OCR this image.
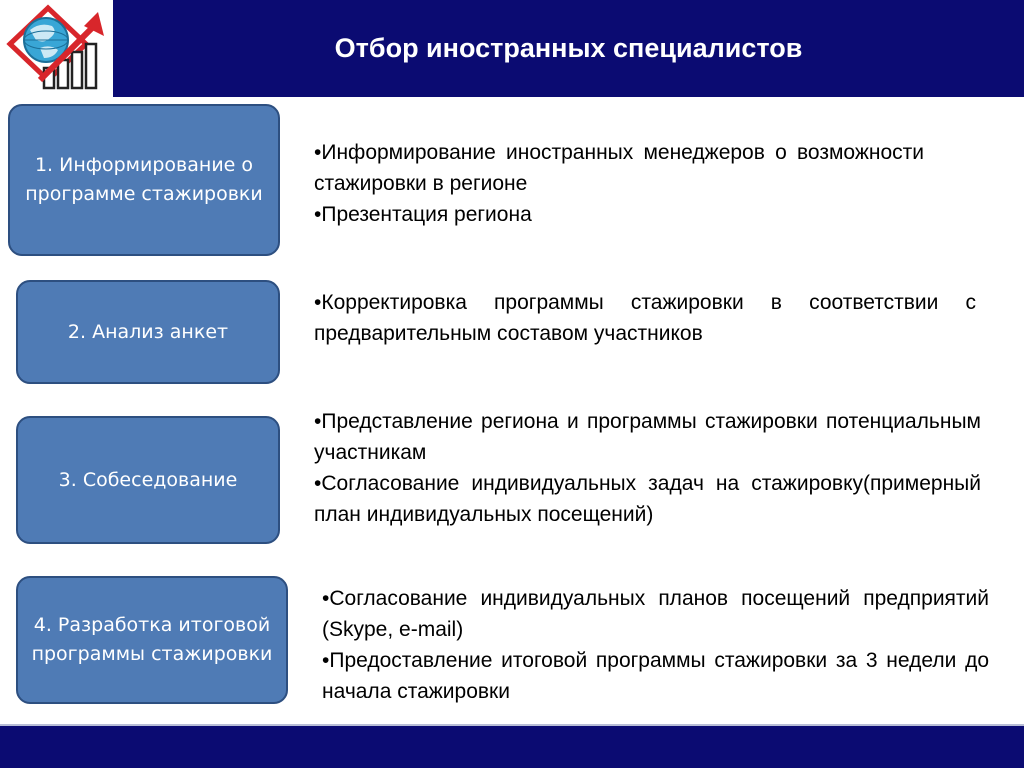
Отбор иностранных специалистов
1. Информирование о программе стажировки

•Информирование иностранных менеджеров о возможности стажировки в регионе

•Презентация региона

2. Анализ анкет

•Корректировка программы стажировки в соответствии с предварительным составом участников

3. Собеседование

•Представление региона и программы стажировки потенциальным участникам

•Согласование индивидуальных задач на стажировку(примерный план индивидуальных посещений)

4. Разработка итоговой программы стажировки

•Согласование индивидуальных планов посещений предприятий (Skype, e-mail)

•Предоставление итоговой программы стажировки за 3 недели до начала стажировки
